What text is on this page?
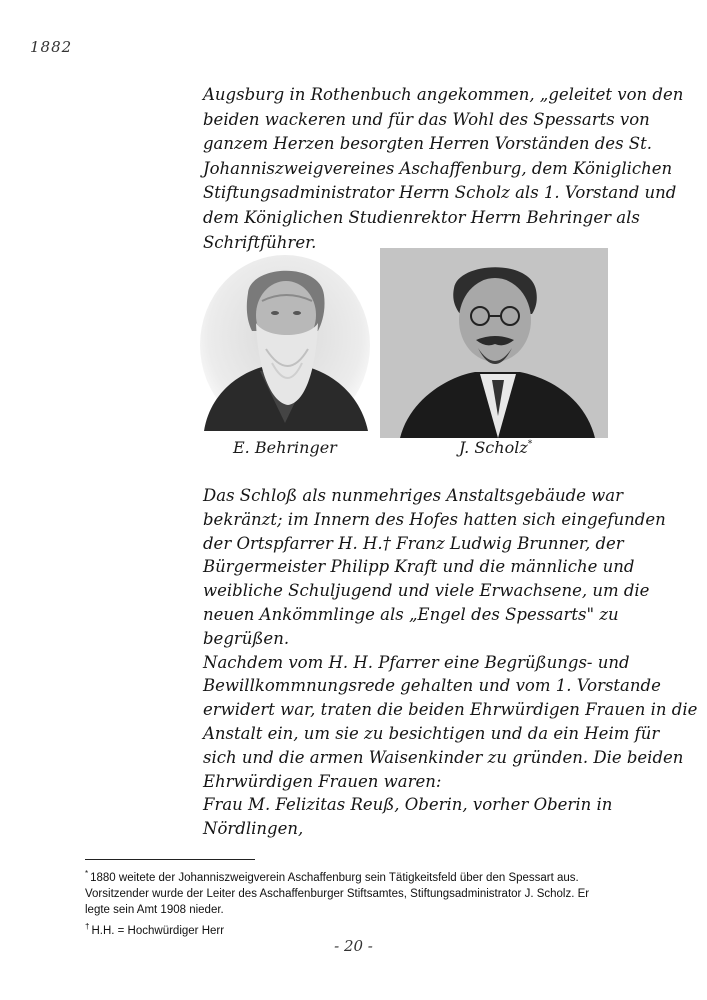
1882
Augsburg in Rothenbuch angekommen, „geleitet von den
beiden wackeren und für das Wohl des Spessarts von
ganzem Herzen besorgten Herren Vorständen des St.
Johanniszweigvereines Aschaffenburg, dem Königlichen
Stiftungsadministrator Herrn Scholz als 1. Vorstand und
dem Königlichen Studienrektor Herrn Behringer als
Schriftführer.
E. Behringer	J. Scholz*
Das Schloß als nunmehriges Anstaltsgebäude war
bekränzt; im Innern des Hofes hatten sich eingefunden
der Ortspfarrer H. H.† Franz Ludwig Brunner, der
Bürgermeister Philipp Kraft und die männliche und
weibliche Schuljugend und viele Erwachsene, um die
neuen Ankömmlinge als „Engel des Spessarts" zu
begrüßen.
Nachdem vom H. H. Pfarrer eine Begrüßungs- und
Bewillkommnungsrede gehalten und vom 1. Vorstande
erwidert war, traten die beiden Ehrwürdigen Frauen in die
Anstalt ein, um sie zu besichtigen und da ein Heim für
sich und die armen Waisenkinder zu gründen. Die beiden
Ehrwürdigen Frauen waren:
Frau M. Felizitas Reuß, Oberin, vorher Oberin in
Nördlingen,
* 1880 weitete der Johanniszweigverein Aschaffenburg sein Tätigkeitsfeld über den Spessart aus.
Vorsitzender wurde der Leiter des Aschaffenburger Stiftsamtes, Stiftungsadministrator J. Scholz. Er
legte sein Amt 1908 nieder.
† H.H. = Hochwürdiger Herr
- 20 -
